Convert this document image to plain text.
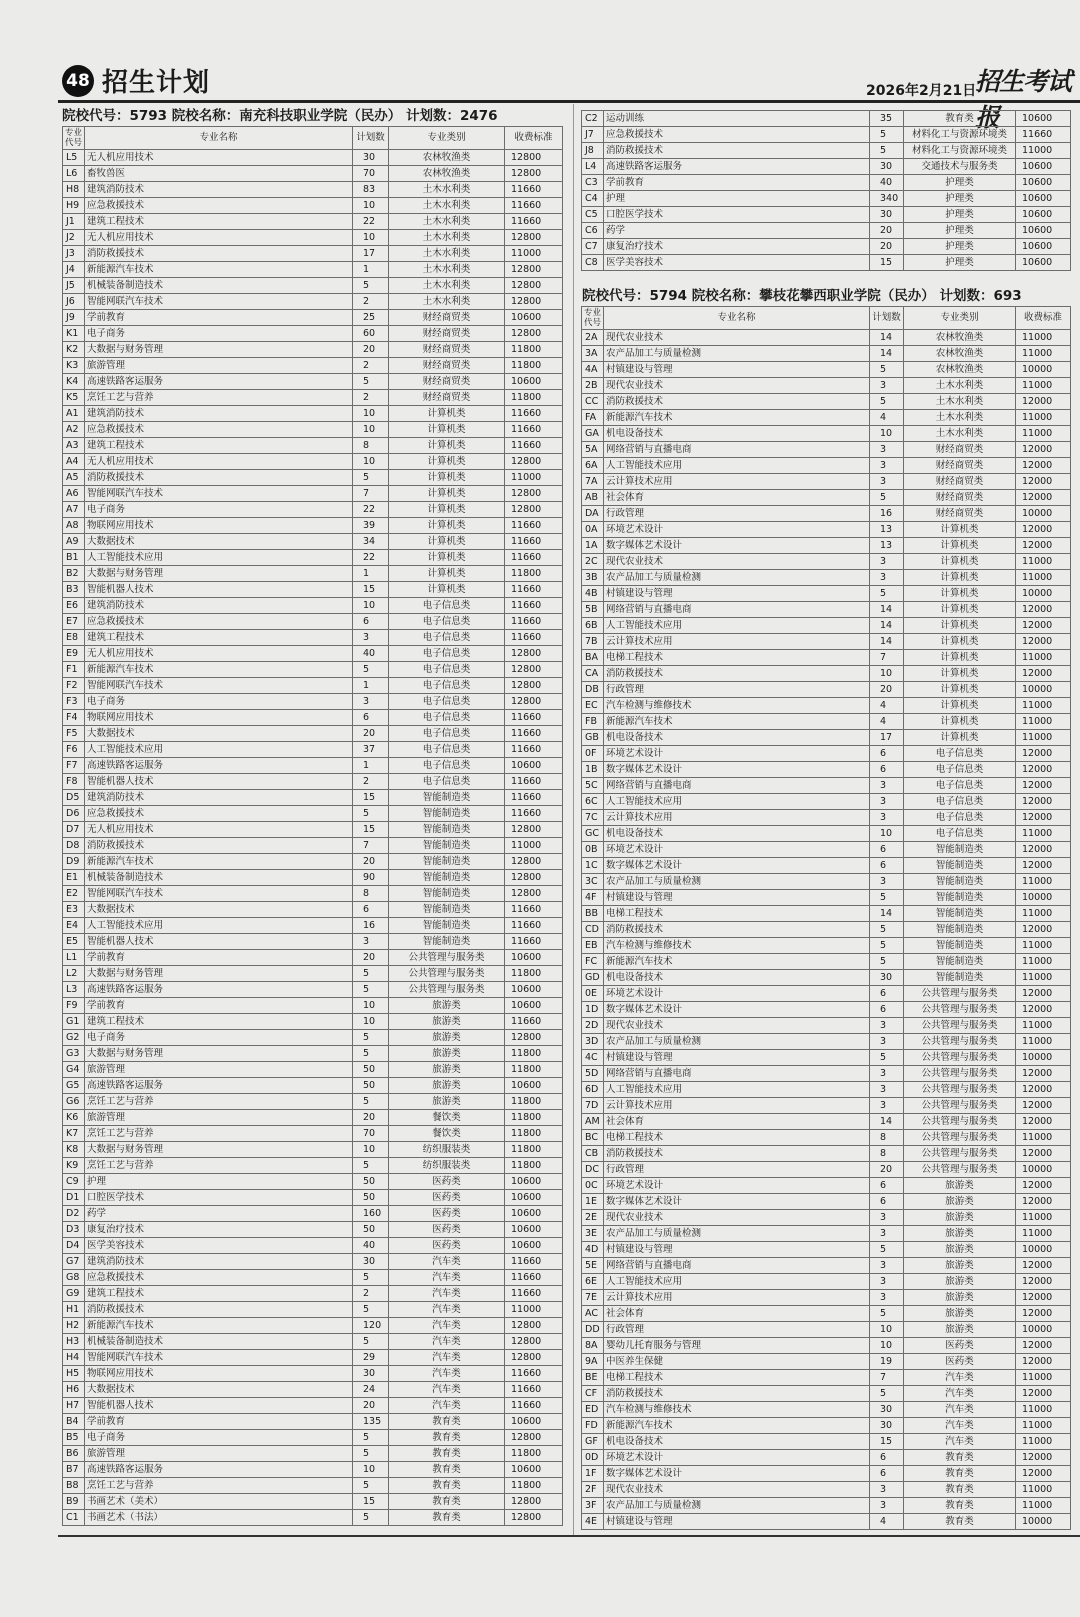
48 招生计划	2026年2月21日
招生考试报
院校代号：5793 院校名称：南充科技职业学院（民办） 计划数：2476
专业代号	专业名称	计划数	专业类别	收费标准
L5	无人机应用技术	30	农林牧渔类	12800
L6	畜牧兽医	70	农林牧渔类	12800
H8	建筑消防技术	83	土木水利类	11660
H9	应急救援技术	10	土木水利类	11660
J1	建筑工程技术	22	土木水利类	11660
J2	无人机应用技术	10	土木水利类	12800
J3	消防救援技术	17	土木水利类	11000
J4	新能源汽车技术	1	土木水利类	12800
J5	机械装备制造技术	5	土木水利类	12800
J6	智能网联汽车技术	2	土木水利类	12800
J9	学前教育	25	财经商贸类	10600
K1	电子商务	60	财经商贸类	12800
K2	大数据与财务管理	20	财经商贸类	11800
K3	旅游管理	2	财经商贸类	11800
K4	高速铁路客运服务	5	财经商贸类	10600
K5	烹饪工艺与营养	2	财经商贸类	11800
A1	建筑消防技术	10	计算机类	11660
A2	应急救援技术	10	计算机类	11660
A3	建筑工程技术	8	计算机类	11660
A4	无人机应用技术	10	计算机类	12800
A5	消防救援技术	5	计算机类	11000
A6	智能网联汽车技术	7	计算机类	12800
A7	电子商务	22	计算机类	12800
A8	物联网应用技术	39	计算机类	11660
A9	大数据技术	34	计算机类	11660
B1	人工智能技术应用	22	计算机类	11660
B2	大数据与财务管理	1	计算机类	11800
B3	智能机器人技术	15	计算机类	11660
E6	建筑消防技术	10	电子信息类	11660
E7	应急救援技术	6	电子信息类	11660
E8	建筑工程技术	3	电子信息类	11660
E9	无人机应用技术	40	电子信息类	12800
F1	新能源汽车技术	5	电子信息类	12800
F2	智能网联汽车技术	1	电子信息类	12800
F3	电子商务	3	电子信息类	12800
F4	物联网应用技术	6	电子信息类	11660
F5	大数据技术	20	电子信息类	11660
F6	人工智能技术应用	37	电子信息类	11660
F7	高速铁路客运服务	1	电子信息类	10600
F8	智能机器人技术	2	电子信息类	11660
D5	建筑消防技术	15	智能制造类	11660
D6	应急救援技术	5	智能制造类	11660
D7	无人机应用技术	15	智能制造类	12800
D8	消防救援技术	7	智能制造类	11000
D9	新能源汽车技术	20	智能制造类	12800
E1	机械装备制造技术	90	智能制造类	12800
E2	智能网联汽车技术	8	智能制造类	12800
E3	大数据技术	6	智能制造类	11660
E4	人工智能技术应用	16	智能制造类	11660
E5	智能机器人技术	3	智能制造类	11660
L1	学前教育	20	公共管理与服务类	10600
L2	大数据与财务管理	5	公共管理与服务类	11800
L3	高速铁路客运服务	5	公共管理与服务类	10600
F9	学前教育	10	旅游类	10600
G1	建筑工程技术	10	旅游类	11660
G2	电子商务	5	旅游类	12800
G3	大数据与财务管理	5	旅游类	11800
G4	旅游管理	50	旅游类	11800
G5	高速铁路客运服务	50	旅游类	10600
G6	烹饪工艺与营养	5	旅游类	11800
K6	旅游管理	20	餐饮类	11800
K7	烹饪工艺与营养	70	餐饮类	11800
K8	大数据与财务管理	10	纺织服装类	11800
K9	烹饪工艺与营养	5	纺织服装类	11800
C9	护理	50	医药类	10600
D1	口腔医学技术	50	医药类	10600
D2	药学	160	医药类	10600
D3	康复治疗技术	50	医药类	10600
D4	医学美容技术	40	医药类	10600
G7	建筑消防技术	30	汽车类	11660
G8	应急救援技术	5	汽车类	11660
G9	建筑工程技术	2	汽车类	11660
H1	消防救援技术	5	汽车类	11000
H2	新能源汽车技术	120	汽车类	12800
H3	机械装备制造技术	5	汽车类	12800
H4	智能网联汽车技术	29	汽车类	12800
H5	物联网应用技术	30	汽车类	11660
H6	大数据技术	24	汽车类	11660
H7	智能机器人技术	20	汽车类	11660
B4	学前教育	135	教育类	10600
B5	电子商务	5	教育类	12800
B6	旅游管理	5	教育类	11800
B7	高速铁路客运服务	10	教育类	10600
B8	烹饪工艺与营养	5	教育类	11800
B9	书画艺术（美术）	15	教育类	12800
C1	书画艺术（书法）	5	教育类	12800
C2	运动训练	35	教育类	10600
J7	应急救援技术	5	材料化工与资源环境类	11660
J8	消防救援技术	5	材料化工与资源环境类	11000
L4	高速铁路客运服务	30	交通技术与服务类	10600
C3	学前教育	40	护理类	10600
C4	护理	340	护理类	10600
C5	口腔医学技术	30	护理类	10600
C6	药学	20	护理类	10600
C7	康复治疗技术	20	护理类	10600
C8	医学美容技术	15	护理类	10600
院校代号：5794 院校名称：攀枝花攀西职业学院（民办） 计划数：693
专业代号	专业名称	计划数	专业类别	收费标准
2A	现代农业技术	14	农林牧渔类	11000
3A	农产品加工与质量检测	14	农林牧渔类	11000
4A	村镇建设与管理	5	农林牧渔类	10000
2B	现代农业技术	3	土木水利类	11000
CC	消防救援技术	5	土木水利类	12000
FA	新能源汽车技术	4	土木水利类	11000
GA	机电设备技术	10	土木水利类	11000
5A	网络营销与直播电商	3	财经商贸类	12000
6A	人工智能技术应用	3	财经商贸类	12000
7A	云计算技术应用	3	财经商贸类	12000
AB	社会体育	5	财经商贸类	12000
DA	行政管理	16	财经商贸类	10000
0A	环境艺术设计	13	计算机类	12000
1A	数字媒体艺术设计	13	计算机类	12000
2C	现代农业技术	3	计算机类	11000
3B	农产品加工与质量检测	3	计算机类	11000
4B	村镇建设与管理	5	计算机类	10000
5B	网络营销与直播电商	14	计算机类	12000
6B	人工智能技术应用	14	计算机类	12000
7B	云计算技术应用	14	计算机类	12000
BA	电梯工程技术	7	计算机类	11000
CA	消防救援技术	10	计算机类	12000
DB	行政管理	20	计算机类	10000
EC	汽车检测与维修技术	4	计算机类	11000
FB	新能源汽车技术	4	计算机类	11000
GB	机电设备技术	17	计算机类	11000
0F	环境艺术设计	6	电子信息类	12000
1B	数字媒体艺术设计	6	电子信息类	12000
5C	网络营销与直播电商	3	电子信息类	12000
6C	人工智能技术应用	3	电子信息类	12000
7C	云计算技术应用	3	电子信息类	12000
GC	机电设备技术	10	电子信息类	11000
0B	环境艺术设计	6	智能制造类	12000
1C	数字媒体艺术设计	6	智能制造类	12000
3C	农产品加工与质量检测	3	智能制造类	11000
4F	村镇建设与管理	5	智能制造类	10000
BB	电梯工程技术	14	智能制造类	11000
CD	消防救援技术	5	智能制造类	12000
EB	汽车检测与维修技术	5	智能制造类	11000
FC	新能源汽车技术	5	智能制造类	11000
GD	机电设备技术	30	智能制造类	11000
0E	环境艺术设计	6	公共管理与服务类	12000
1D	数字媒体艺术设计	6	公共管理与服务类	12000
2D	现代农业技术	3	公共管理与服务类	11000
3D	农产品加工与质量检测	3	公共管理与服务类	11000
4C	村镇建设与管理	5	公共管理与服务类	10000
5D	网络营销与直播电商	3	公共管理与服务类	12000
6D	人工智能技术应用	3	公共管理与服务类	12000
7D	云计算技术应用	3	公共管理与服务类	12000
AM	社会体育	14	公共管理与服务类	12000
BC	电梯工程技术	8	公共管理与服务类	11000
CB	消防救援技术	8	公共管理与服务类	12000
DC	行政管理	20	公共管理与服务类	10000
0C	环境艺术设计	6	旅游类	12000
1E	数字媒体艺术设计	6	旅游类	12000
2E	现代农业技术	3	旅游类	11000
3E	农产品加工与质量检测	3	旅游类	11000
4D	村镇建设与管理	5	旅游类	10000
5E	网络营销与直播电商	3	旅游类	12000
6E	人工智能技术应用	3	旅游类	12000
7E	云计算技术应用	3	旅游类	12000
AC	社会体育	5	旅游类	12000
DD	行政管理	10	旅游类	10000
8A	婴幼儿托育服务与管理	10	医药类	12000
9A	中医养生保健	19	医药类	12000
BE	电梯工程技术	7	汽车类	11000
CF	消防救援技术	5	汽车类	12000
ED	汽车检测与维修技术	30	汽车类	11000
FD	新能源汽车技术	30	汽车类	11000
GF	机电设备技术	15	汽车类	11000
0D	环境艺术设计	6	教育类	12000
1F	数字媒体艺术设计	6	教育类	12000
2F	现代农业技术	3	教育类	11000
3F	农产品加工与质量检测	3	教育类	11000
4E	村镇建设与管理	4	教育类	10000
